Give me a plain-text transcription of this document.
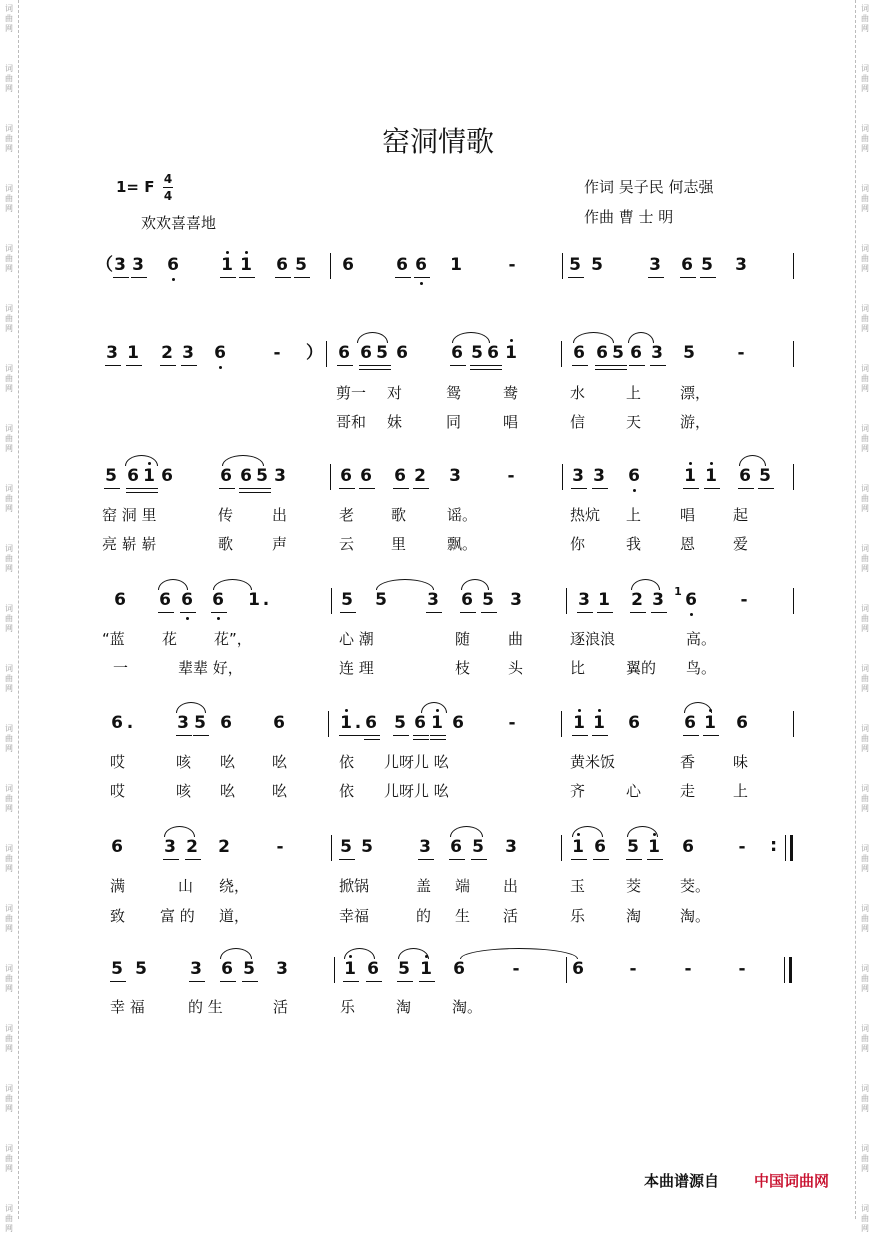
词
曲
网
词
曲
网
词
曲
网
词
曲
网
词
曲
网
词
曲
网
词
曲
网
词
曲
网
词
曲
网
词
曲
网
词
曲
网
词
曲
网
词
曲
网
词
曲
网
词
曲
网
词
曲
网
词
曲
网
词
曲
网
词
曲
网
词
曲
网
词
曲
网
词
曲
网
词
曲
网
词
曲
网
词
曲
网
词
曲
网
词
曲
网
词
曲
网
词
曲
网
词
曲
网
词
曲
网
词
曲
网
词
曲
网
词
曲
网
词
曲
网
词
曲
网
词
曲
网
词
曲
网
词
曲
网
词
曲
网
词
曲
网
词
曲
网
窑洞情歌
1= F 4
4
欢欢喜喜地
作词 吴子民 何志强
作曲 曹 士 明
（ 3 3 6 1 1 6 5 6 6 6 1	-	5 5	3 6 5 3
3 1 2 3 6	- ） 6 6 5 6	6 5 6 1	6 6 5 6 3 5	-
5 6 1 6	6 6 5 3	6 6 6 2 3	-	3 3 6	1 1 6 5
6 6 6 6 1 .	5 5 3 6 5 3	3 1 2 3 6	-
1
6 .	3 5 6 6	1 . 6 5 6 1 6	-	1 1 6	6 1 6
6 3 2 2	-	5 5	3 6 5 3	1 6 5 1 6	- :
5 5	3 6 5 3	1 6 5 1 6	-	6	-	-	-
剪一 对	鸳	鸯	水	上	漂，
哥和 妹	同	唱	信	天	游，
窑 洞 里	传	出	老 歌	谣。	热炕 上	唱	起
亮 崭 崭	歌	声	云 里	飘。	你	我	恩	爱
“蓝 花 花”，	心 潮	随	曲	逐浪浪	高。
一	辈辈 好，	连 理	枝	头	比	翼的 鸟。
哎	咳 吆 吆	依 儿呀儿 吆	黄米饭	香	味
哎	咳 吆 吆	依 儿呀儿 吆	齐	心	走	上
满	山 绕，	掀锅	盖 端 出	玉	茭	茭。
致 富 的 道，	幸福	的 生 活	乐	淘	淘。
幸 福	的 生	活	乐	淘	淘。
本曲谱源自 中国词曲网
